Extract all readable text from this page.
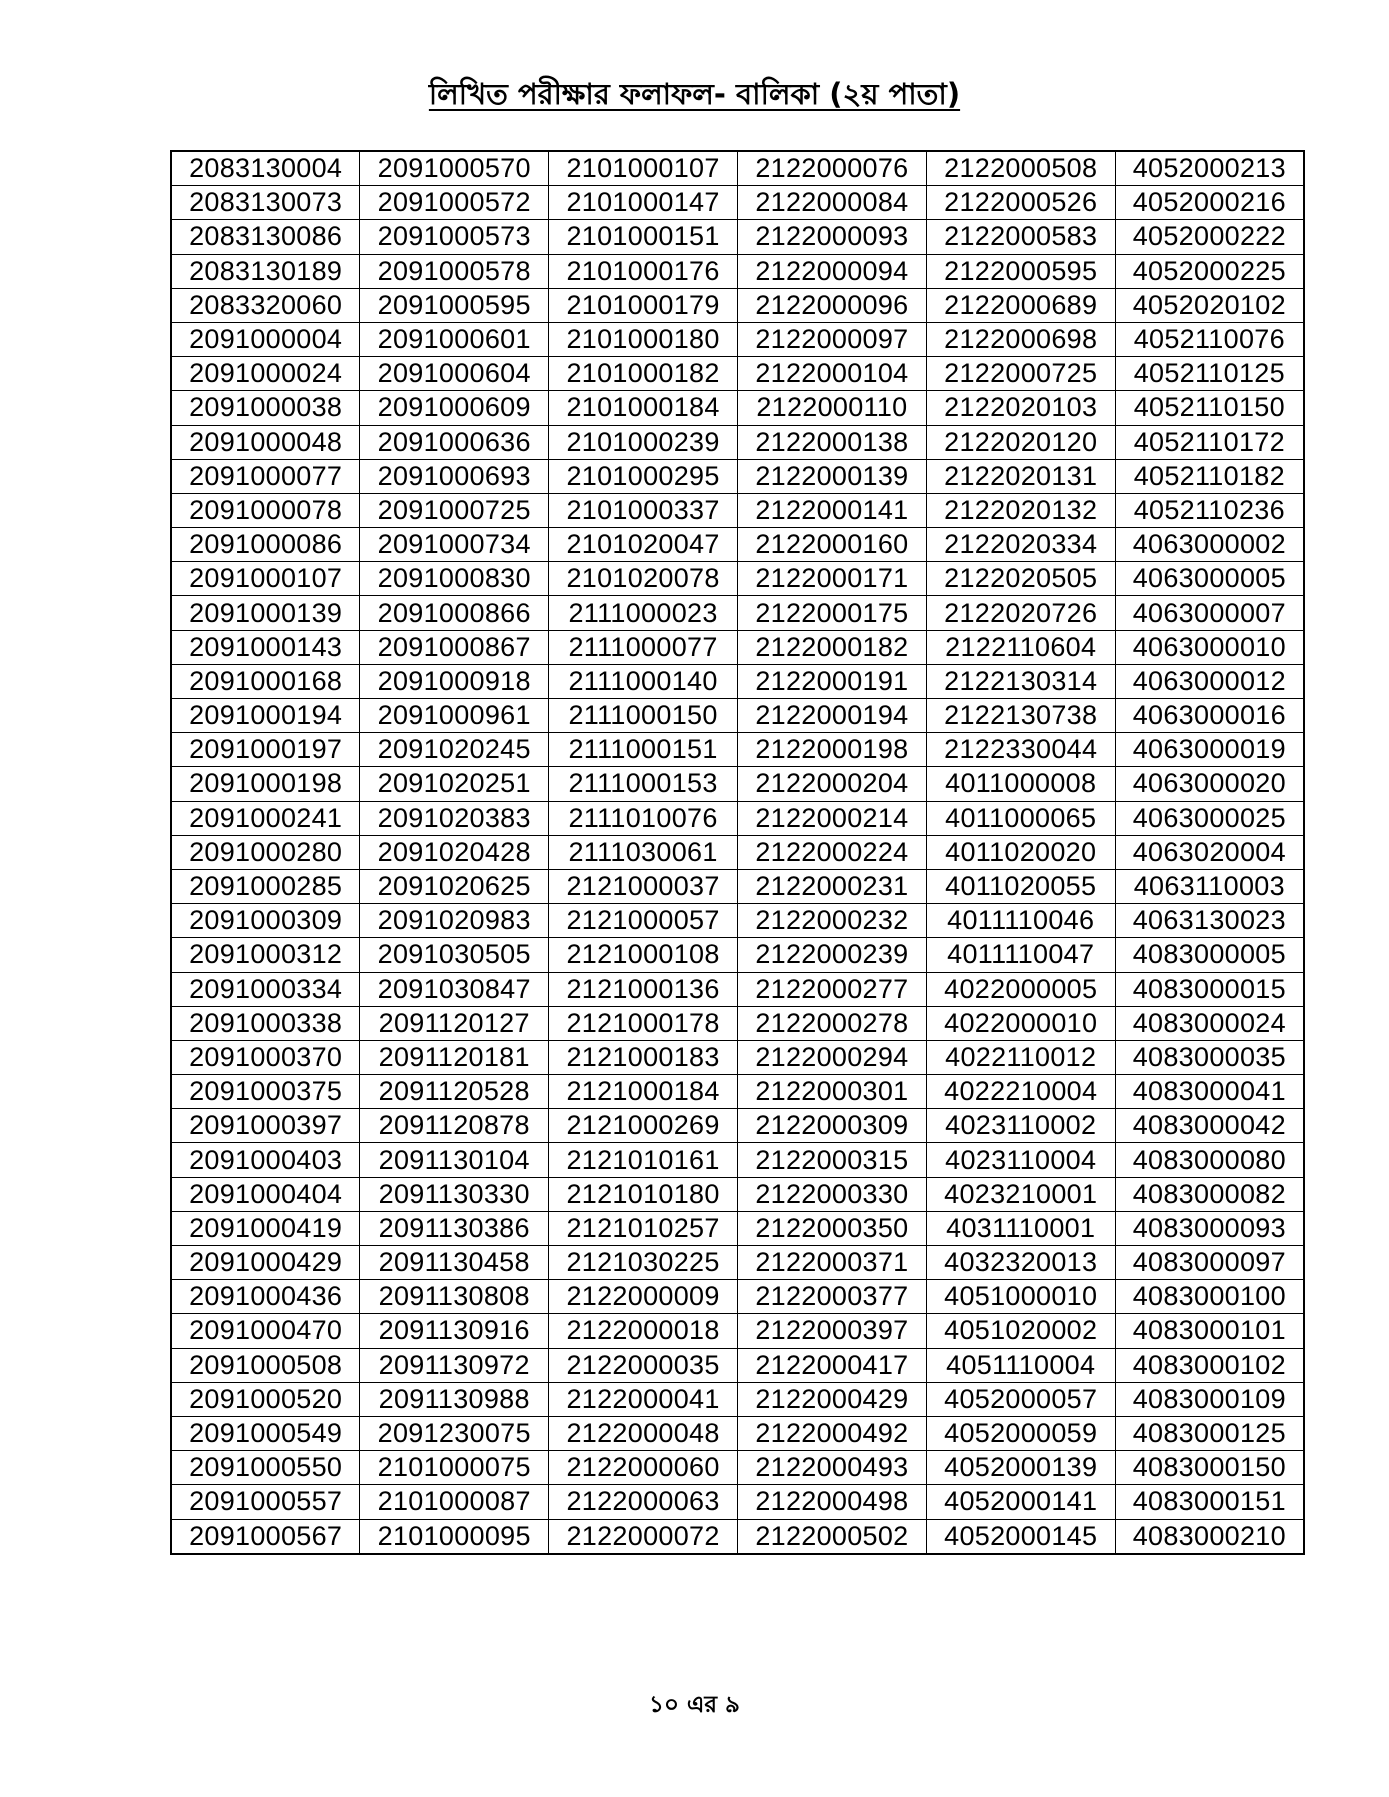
লিখিত পরীক্ষার ফলাফল- বালিকা (২য় পাতা)
2083130004	2091000570	2101000107	2122000076	2122000508	4052000213
2083130073	2091000572	2101000147	2122000084	2122000526	4052000216
2083130086	2091000573	2101000151	2122000093	2122000583	4052000222
2083130189	2091000578	2101000176	2122000094	2122000595	4052000225
2083320060	2091000595	2101000179	2122000096	2122000689	4052020102
2091000004	2091000601	2101000180	2122000097	2122000698	4052110076
2091000024	2091000604	2101000182	2122000104	2122000725	4052110125
2091000038	2091000609	2101000184	2122000110	2122020103	4052110150
2091000048	2091000636	2101000239	2122000138	2122020120	4052110172
2091000077	2091000693	2101000295	2122000139	2122020131	4052110182
2091000078	2091000725	2101000337	2122000141	2122020132	4052110236
2091000086	2091000734	2101020047	2122000160	2122020334	4063000002
2091000107	2091000830	2101020078	2122000171	2122020505	4063000005
2091000139	2091000866	2111000023	2122000175	2122020726	4063000007
2091000143	2091000867	2111000077	2122000182	2122110604	4063000010
2091000168	2091000918	2111000140	2122000191	2122130314	4063000012
2091000194	2091000961	2111000150	2122000194	2122130738	4063000016
2091000197	2091020245	2111000151	2122000198	2122330044	4063000019
2091000198	2091020251	2111000153	2122000204	4011000008	4063000020
2091000241	2091020383	2111010076	2122000214	4011000065	4063000025
2091000280	2091020428	2111030061	2122000224	4011020020	4063020004
2091000285	2091020625	2121000037	2122000231	4011020055	4063110003
2091000309	2091020983	2121000057	2122000232	4011110046	4063130023
2091000312	2091030505	2121000108	2122000239	4011110047	4083000005
2091000334	2091030847	2121000136	2122000277	4022000005	4083000015
2091000338	2091120127	2121000178	2122000278	4022000010	4083000024
2091000370	2091120181	2121000183	2122000294	4022110012	4083000035
2091000375	2091120528	2121000184	2122000301	4022210004	4083000041
2091000397	2091120878	2121000269	2122000309	4023110002	4083000042
2091000403	2091130104	2121010161	2122000315	4023110004	4083000080
2091000404	2091130330	2121010180	2122000330	4023210001	4083000082
2091000419	2091130386	2121010257	2122000350	4031110001	4083000093
2091000429	2091130458	2121030225	2122000371	4032320013	4083000097
2091000436	2091130808	2122000009	2122000377	4051000010	4083000100
2091000470	2091130916	2122000018	2122000397	4051020002	4083000101
2091000508	2091130972	2122000035	2122000417	4051110004	4083000102
2091000520	2091130988	2122000041	2122000429	4052000057	4083000109
2091000549	2091230075	2122000048	2122000492	4052000059	4083000125
2091000550	2101000075	2122000060	2122000493	4052000139	4083000150
2091000557	2101000087	2122000063	2122000498	4052000141	4083000151
2091000567	2101000095	2122000072	2122000502	4052000145	4083000210
১০ এর ৯
